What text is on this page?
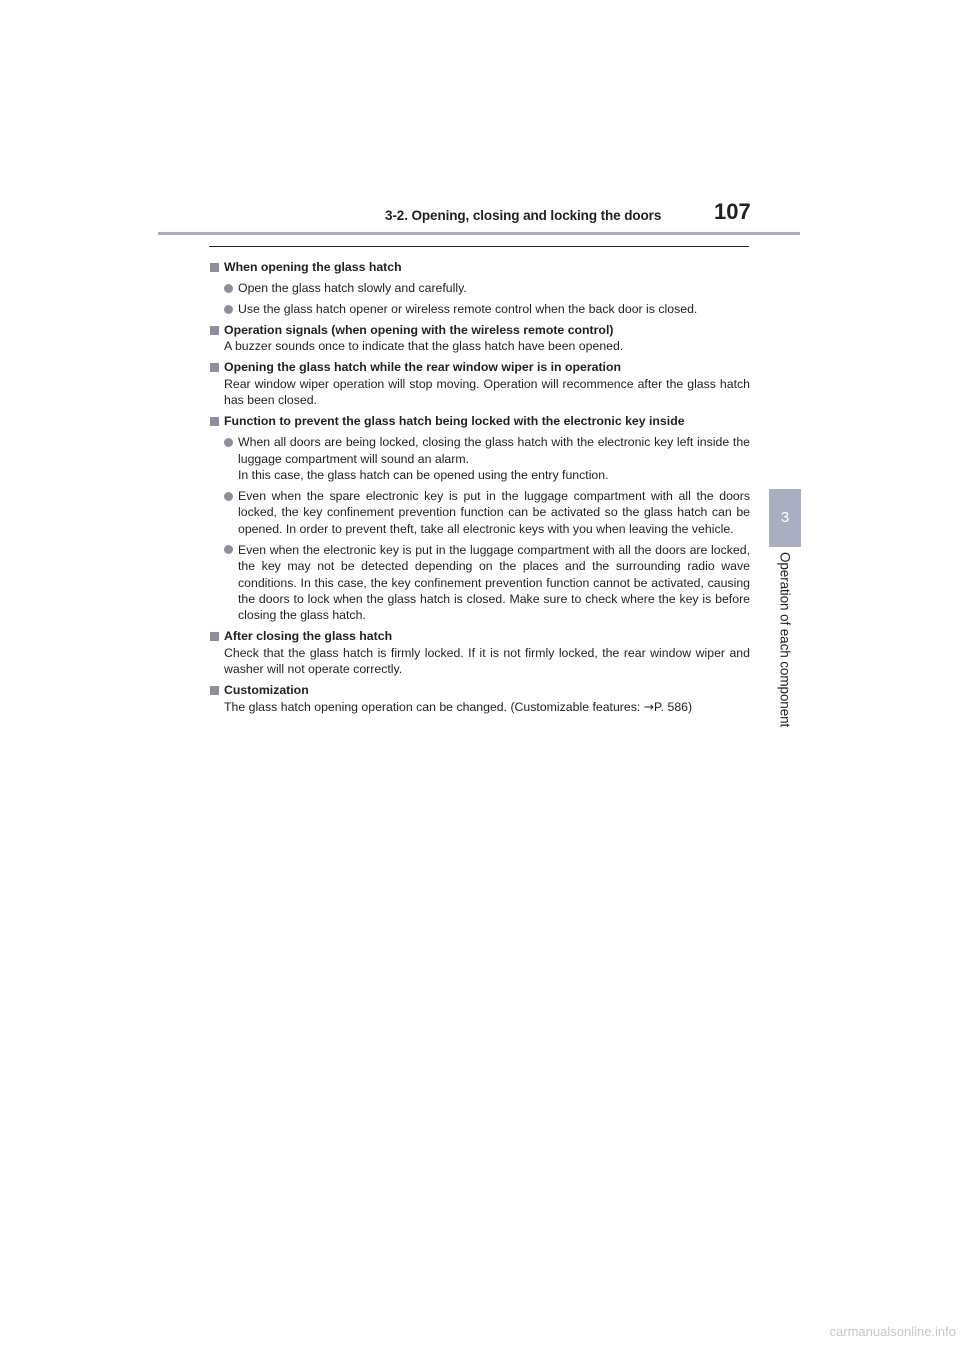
3-2. Opening, closing and locking the doors 107
3
Operation of each component
When opening the glass hatch
Open the glass hatch slowly and carefully.
Use the glass hatch opener or wireless remote control when the back door is closed.
Operation signals (when opening with the wireless remote control)
A buzzer sounds once to indicate that the glass hatch have been opened.
Opening the glass hatch while the rear window wiper is in operation
Rear window wiper operation will stop moving. Operation will recommence after the glass hatch has been closed.
Function to prevent the glass hatch being locked with the electronic key inside
When all doors are being locked, closing the glass hatch with the electronic key left inside the luggage compartment will sound an alarm.
In this case, the glass hatch can be opened using the entry function.
Even when the spare electronic key is put in the luggage compartment with all the doors locked, the key confinement prevention function can be activated so the glass hatch can be opened. In order to prevent theft, take all electronic keys with you when leaving the vehicle.
Even when the electronic key is put in the luggage compartment with all the doors are locked, the key may not be detected depending on the places and the surrounding radio wave conditions. In this case, the key confinement prevention function cannot be activated, causing the doors to lock when the glass hatch is closed. Make sure to check where the key is before closing the glass hatch.
After closing the glass hatch
Check that the glass hatch is firmly locked. If it is not firmly locked, the rear window wiper and washer will not operate correctly.
Customization
The glass hatch opening operation can be changed. (Customizable features: →P. 586)
carmanualsonline.info
